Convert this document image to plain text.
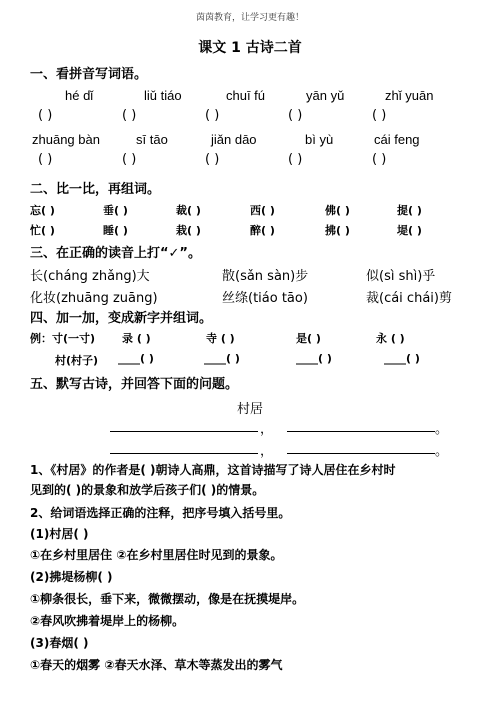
茵茵教育，让学习更有趣！
课文 1 古诗二首
一、看拼音写词语。
hé dǐ	liǔ tiáo	chuī fú	yān yǔ	zhǐ yuān
( )	( )	( )	( )	( )
zhuāng bàn	sī tāo	jiǎn dāo	bì yù	cái feng
( )	( )	( )	( )	( )
二、比一比，再组词。
忘( )	垂( )	裁( )	西( )	佛( )	提( )
忙( )	睡( )	栽( )	醉( )	拂( )	堤( )
三、在正确的读音上打“✓”。
长(cháng zhǎng)大	散(sǎn sàn)步	似(sì shì)乎
化妆(zhuāng zuāng)	丝绦(tiáo tāo)	裁(cái chái)剪
四、加一加，变成新字并组词。
例：寸(一寸) 录 ( )	寺 ( )	是( )	永 ( )
村(村子) ____( )	____( )	____( )	____( )
五、默写古诗，并回答下面的问题。
村居
，	。
，	。
1、《村居》的作者是( )朝诗人高鼎，这首诗描写了诗人居住在乡村时
见到的( )的景象和放学后孩子们( )的情景。
2、给词语选择正确的注释，把序号填入括号里。
(1)村居( )
①在乡村里居住 ②在乡村里居住时见到的景象。
(2)拂堤杨柳( )
①柳条很长，垂下来，微微摆动，像是在抚摸堤岸。
②春风吹拂着堤岸上的杨柳。
(3)春烟( )
①春天的烟雾 ②春天水泽、草木等蒸发出的雾气
